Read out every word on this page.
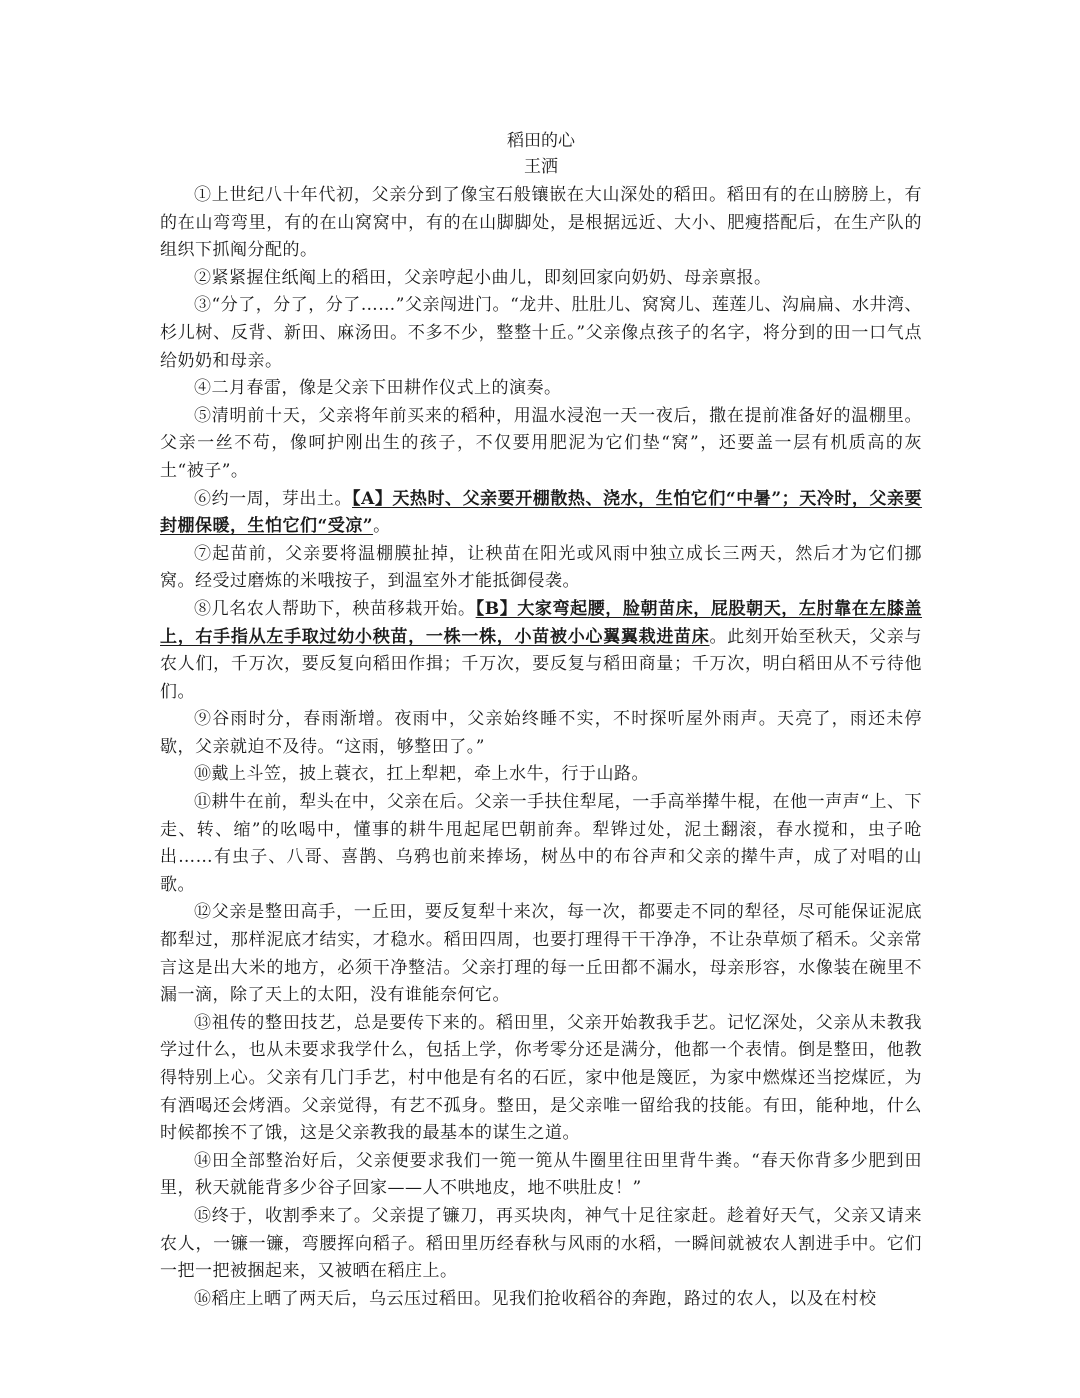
稻田的心

王洒

①上世纪八十年代初，父亲分到了像宝石般镶嵌在大山深处的稻田。稻田有的在山膀膀上，有的在山弯弯里，有的在山窝窝中，有的在山脚脚处，是根据远近、大小、肥瘦搭配后，在生产队的组织下抓阄分配的。

②紧紧握住纸阄上的稻田，父亲哼起小曲儿，即刻回家向奶奶、母亲禀报。

③“分了，分了，分了……”父亲闯进门。“龙井、肚肚儿、窝窝儿、莲莲儿、沟扁扁、水井湾、杉儿树、反背、新田、麻汤田。不多不少，整整十丘。”父亲像点孩子的名字，将分到的田一口气点给奶奶和母亲。

④二月春雷，像是父亲下田耕作仪式上的演奏。

⑤清明前十天，父亲将年前买来的稻种，用温水浸泡一天一夜后，撒在提前准备好的温棚里。父亲一丝不苟，像呵护刚出生的孩子，不仅要用肥泥为它们垫“窝”，还要盖一层有机质高的灰土“被子”。

⑥约一周，芽出土。【A】天热时、父亲要开棚散热、浇水，生怕它们“中暑”；天冷时，父亲要封棚保暖，生怕它们“受凉”。

⑦起苗前，父亲要将温棚膜扯掉，让秧苗在阳光或风雨中独立成长三两天，然后才为它们挪窝。经受过磨炼的米哦按子，到温室外才能抵御侵袭。

⑧几名农人帮助下，秧苗移栽开始。【B】大家弯起腰，脸朝苗床，屁股朝天，左肘靠在左膝盖上，右手指从左手取过幼小秧苗，一株一株，小苗被小心翼翼栽进苗床。此刻开始至秋天，父亲与农人们，千万次，要反复向稻田作揖；千万次，要反复与稻田商量；千万次，明白稻田从不亏待他们。

⑨谷雨时分，春雨渐增。夜雨中，父亲始终睡不实，不时探听屋外雨声。天亮了，雨还未停歇，父亲就迫不及待。“这雨，够整田了。”

⑩戴上斗笠，披上蓑衣，扛上犁耙，牵上水牛，行于山路。

⑪耕牛在前，犁头在中，父亲在后。父亲一手扶住犁尾，一手高举撵牛棍，在他一声声“上、下走、转、缩”的吆喝中，懂事的耕牛甩起尾巴朝前奔。犁铧过处，泥土翻滚，春水搅和，虫子呛出……有虫子、八哥、喜鹊、乌鸦也前来捧场，树丛中的布谷声和父亲的撵牛声，成了对唱的山歌。

⑫父亲是整田高手，一丘田，要反复犁十来次，每一次，都要走不同的犁径，尽可能保证泥底都犁过，那样泥底才结实，才稳水。稻田四周，也要打理得干干净净，不让杂草烦了稻禾。父亲常言这是出大米的地方，必须干净整洁。父亲打理的每一丘田都不漏水，母亲形容，水像装在碗里不漏一滴，除了天上的太阳，没有谁能奈何它。

⑬祖传的整田技艺，总是要传下来的。稻田里，父亲开始教我手艺。记忆深处，父亲从未教我学过什么，也从未要求我学什么，包括上学，你考零分还是满分，他都一个表情。倒是整田，他教得特别上心。父亲有几门手艺，村中他是有名的石匠，家中他是篾匠，为家中燃煤还当挖煤匠，为有酒喝还会烤酒。父亲觉得，有艺不孤身。整田，是父亲唯一留给我的技能。有田，能种地，什么时候都挨不了饿，这是父亲教我的最基本的谋生之道。

⑭田全部整治好后，父亲便要求我们一篼一篼从牛圈里往田里背牛粪。“春天你背多少肥到田里，秋天就能背多少谷子回家——人不哄地皮，地不哄肚皮！”

⑮终于，收割季来了。父亲提了镰刀，再买块肉，神气十足往家赶。趁着好天气，父亲又请来农人，一镰一镰，弯腰挥向稻子。稻田里历经春秋与风雨的水稻，一瞬间就被农人割进手中。它们一把一把被捆起来，又被晒在稻庄上。

⑯稻庄上晒了两天后，乌云压过稻田。见我们抢收稻谷的奔跑，路过的农人，以及在村校
